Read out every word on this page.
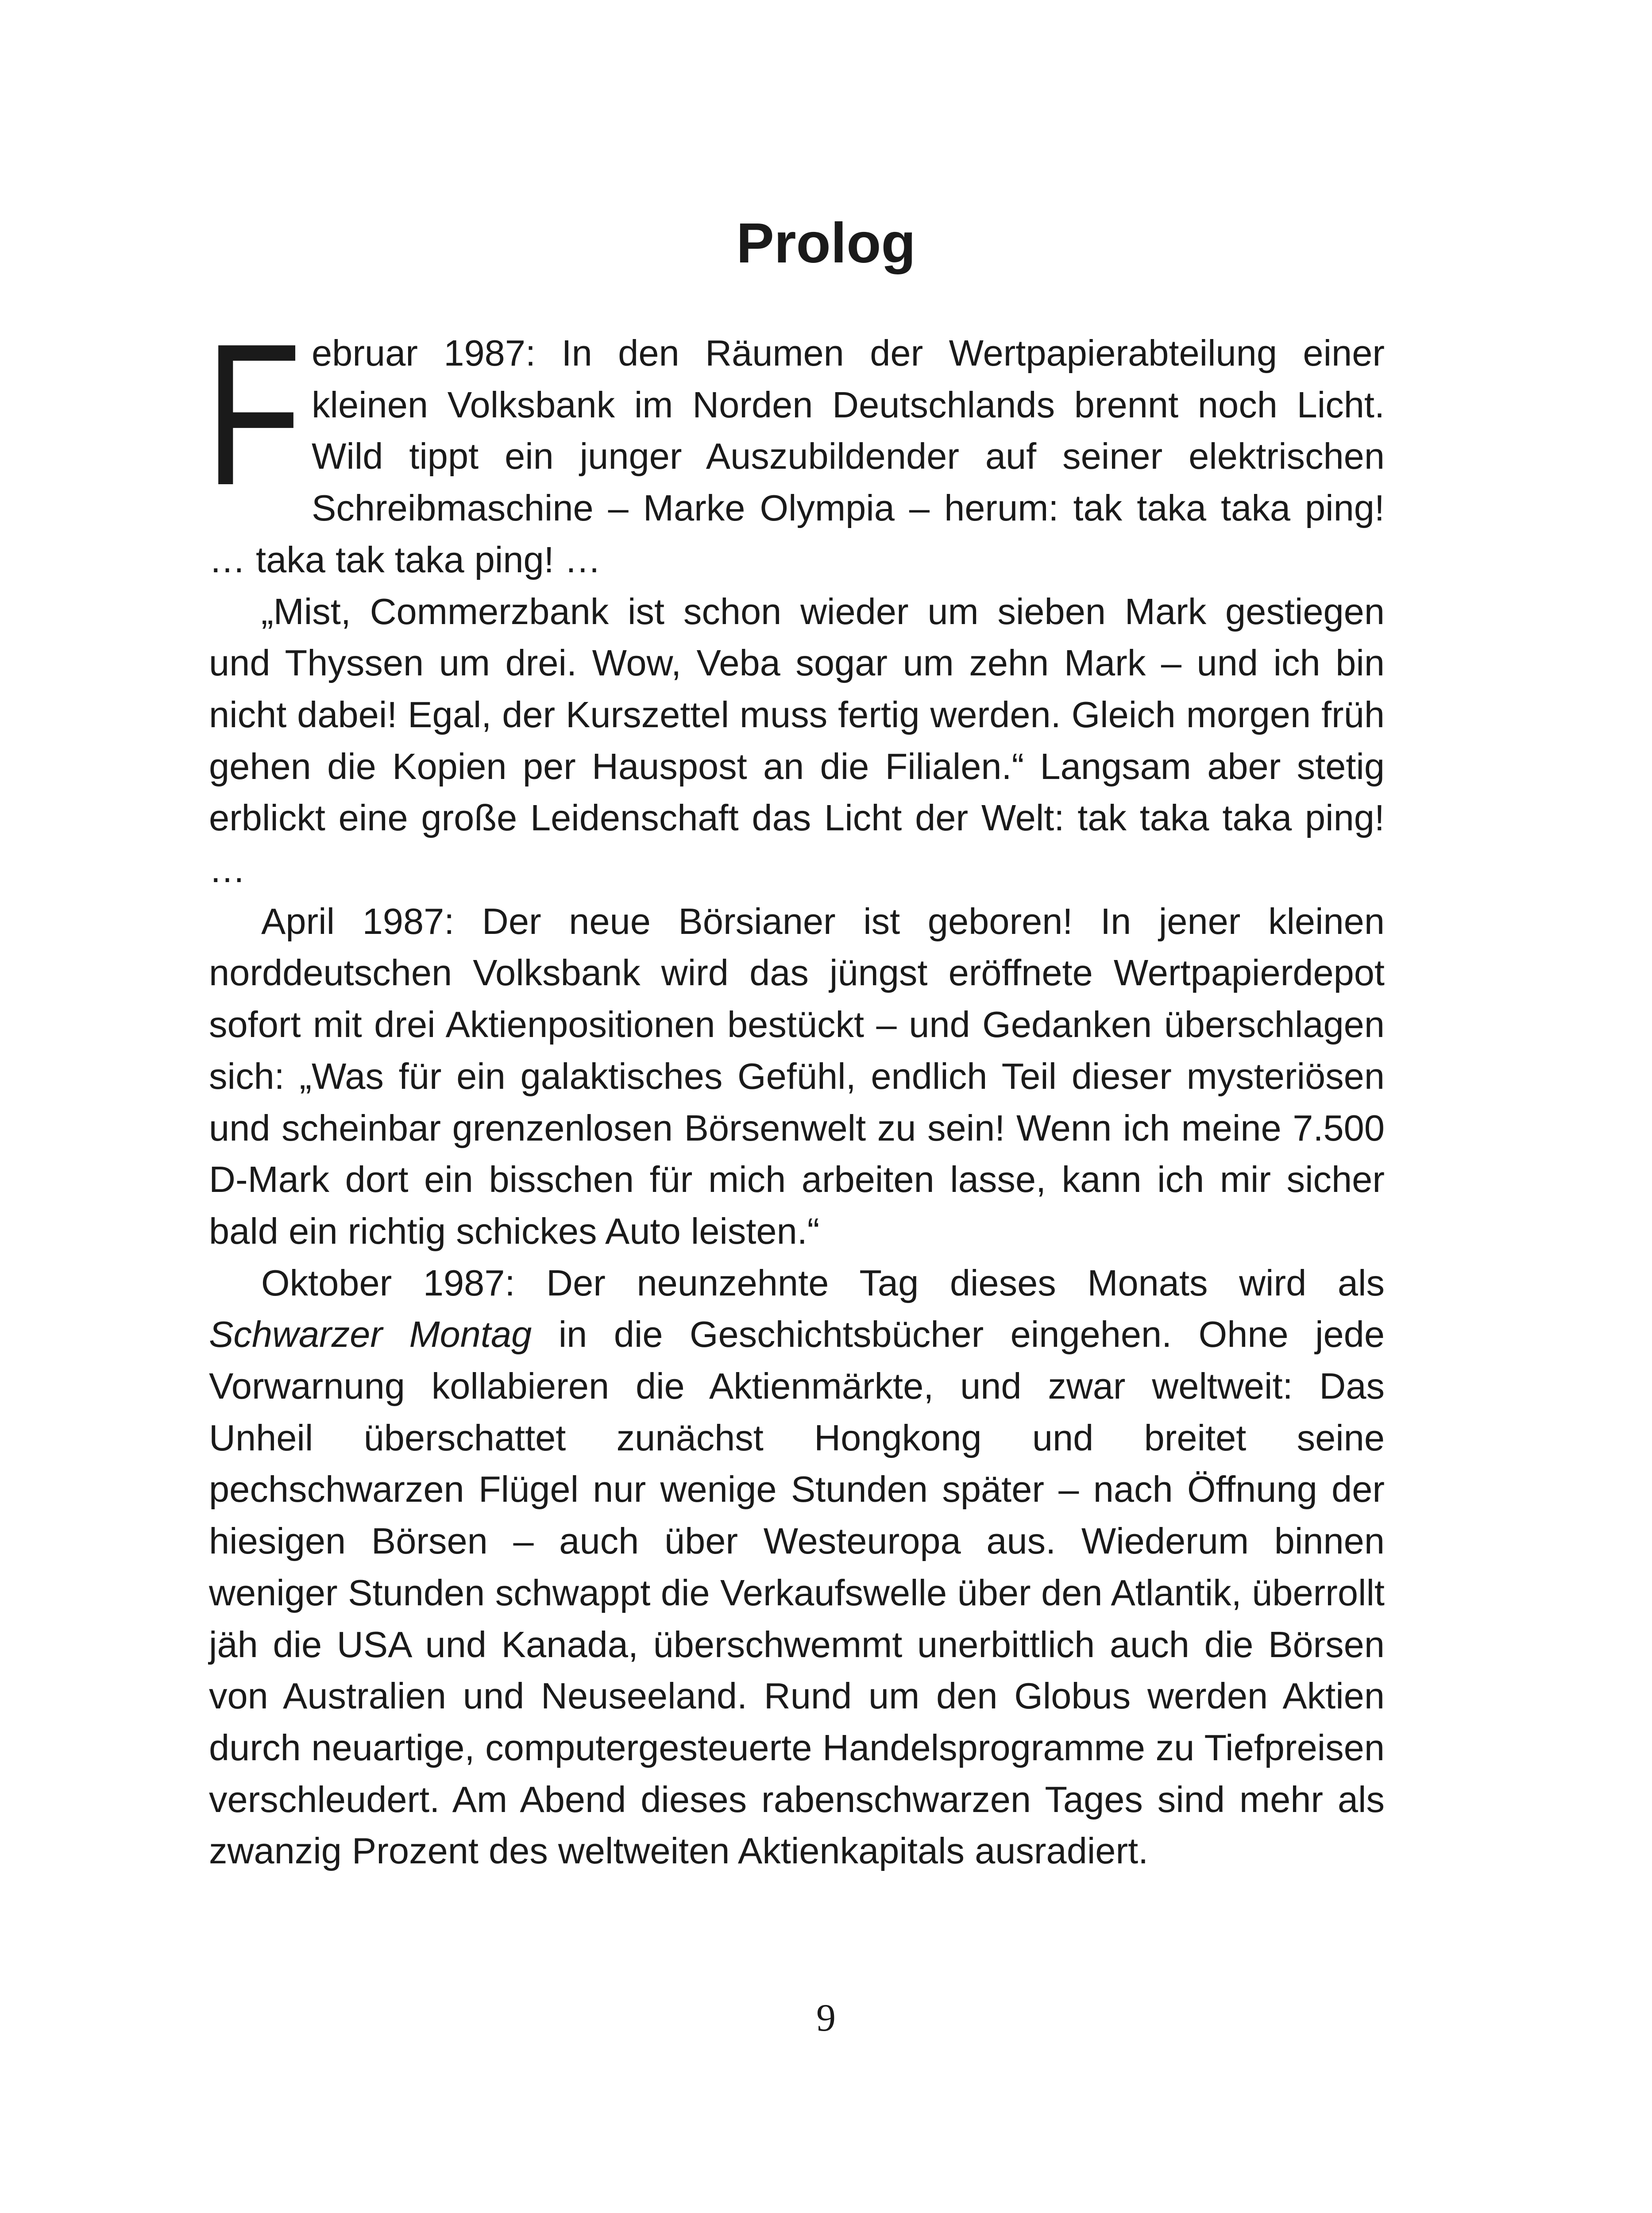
Prolog

Februar 1987: In den Räumen der Wertpapierabteilung einer kleinen Volksbank im Norden Deutschlands brennt noch Licht. Wild tippt ein junger Auszubildender auf seiner elektrischen Schreibmaschine – Marke Olympia – herum: tak taka taka ping! … taka tak taka ping! …

„Mist, Commerzbank ist schon wieder um sieben Mark gestiegen und Thyssen um drei. Wow, Veba sogar um zehn Mark – und ich bin nicht dabei! Egal, der Kurszettel muss fertig werden. Gleich morgen früh gehen die Kopien per Hauspost an die Filialen.“ Langsam aber stetig erblickt eine große Leidenschaft das Licht der Welt: tak taka taka ping! …

April 1987: Der neue Börsianer ist geboren! In jener kleinen norddeutschen Volksbank wird das jüngst eröffnete Wertpapierdepot sofort mit drei Aktienpositionen bestückt – und Gedanken überschlagen sich: „Was für ein galaktisches Gefühl, endlich Teil dieser mysteriösen und scheinbar grenzenlosen Börsenwelt zu sein! Wenn ich meine 7.500 D-Mark dort ein bisschen für mich arbeiten lasse, kann ich mir sicher bald ein richtig schickes Auto leisten.“

Oktober 1987: Der neunzehnte Tag dieses Monats wird als Schwarzer Montag in die Geschichtsbücher eingehen. Ohne jede Vorwarnung kollabieren die Aktienmärkte, und zwar weltweit: Das Unheil überschattet zunächst Hongkong und breitet seine pechschwarzen Flügel nur wenige Stunden später – nach Öffnung der hiesigen Börsen – auch über Westeuropa aus. Wiederum binnen weniger Stunden schwappt die Verkaufswelle über den Atlantik, überrollt jäh die USA und Kanada, überschwemmt unerbittlich auch die Börsen von Australien und Neuseeland. Rund um den Globus werden Aktien durch neuartige, computergesteuerte Handelsprogramme zu Tiefpreisen verschleudert. Am Abend dieses rabenschwarzen Tages sind mehr als zwanzig Prozent des weltweiten Aktienkapitals ausradiert.

9
